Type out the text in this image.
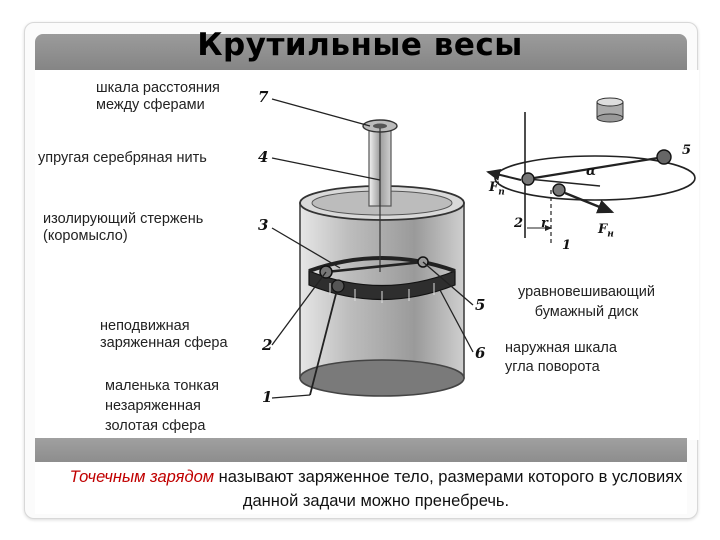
Крутильные весы
шкала расстояния
между сферами
упругая серебряная нить
изолирующий стержень
(коромысло)
неподвижная
заряженная сфера
маленька тонкая
незаряженная
золотая сфера
уравновешивающий
бумажный диск
наружная шкала
угла поворота
7
4
3
2
1
5
6
5
2
1
α
r
$F_п$
$F_н$
Точечным зарядом называют заряженное тело, размерами которого в условиях данной задачи можно пренебречь.
